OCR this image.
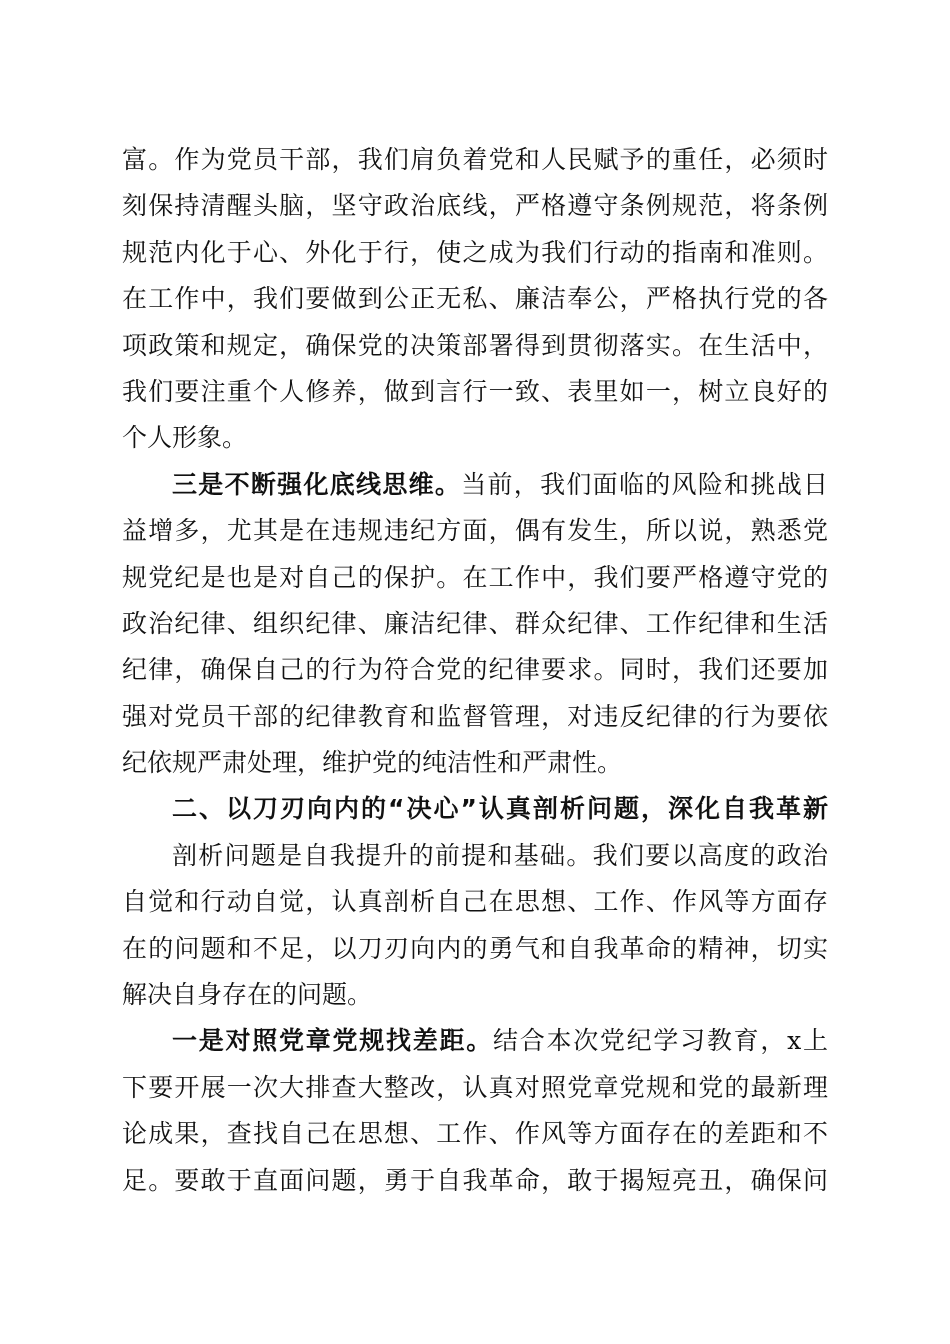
富。作为党员干部，我们肩负着党和人民赋予的重任，必须时
刻保持清醒头脑，坚守政治底线，严格遵守条例规范，将条例
规范内化于心、外化于行，使之成为我们行动的指南和准则。
在工作中，我们要做到公正无私、廉洁奉公，严格执行党的各
项政策和规定，确保党的决策部署得到贯彻落实。在生活中，
我们要注重个人修养，做到言行一致、表里如一，树立良好的
个人形象。
三是不断强化底线思维。当前，我们面临的风险和挑战日
益增多，尤其是在违规违纪方面，偶有发生，所以说，熟悉党
规党纪是也是对自己的保护。在工作中，我们要严格遵守党的
政治纪律、组织纪律、廉洁纪律、群众纪律、工作纪律和生活
纪律，确保自己的行为符合党的纪律要求。同时，我们还要加
强对党员干部的纪律教育和监督管理，对违反纪律的行为要依
纪依规严肃处理，维护党的纯洁性和严肃性。
二、以刀刃向内的“决心”认真剖析问题，深化自我革新
剖析问题是自我提升的前提和基础。我们要以高度的政治
自觉和行动自觉，认真剖析自己在思想、工作、作风等方面存
在的问题和不足，以刀刃向内的勇气和自我革命的精神，切实
解决自身存在的问题。
一是对照党章党规找差距。结合本次党纪学习教育，x上
下要开展一次大排查大整改，认真对照党章党规和党的最新理
论成果，查找自己在思想、工作、作风等方面存在的差距和不
足。要敢于直面问题，勇于自我革命，敢于揭短亮丑，确保问
